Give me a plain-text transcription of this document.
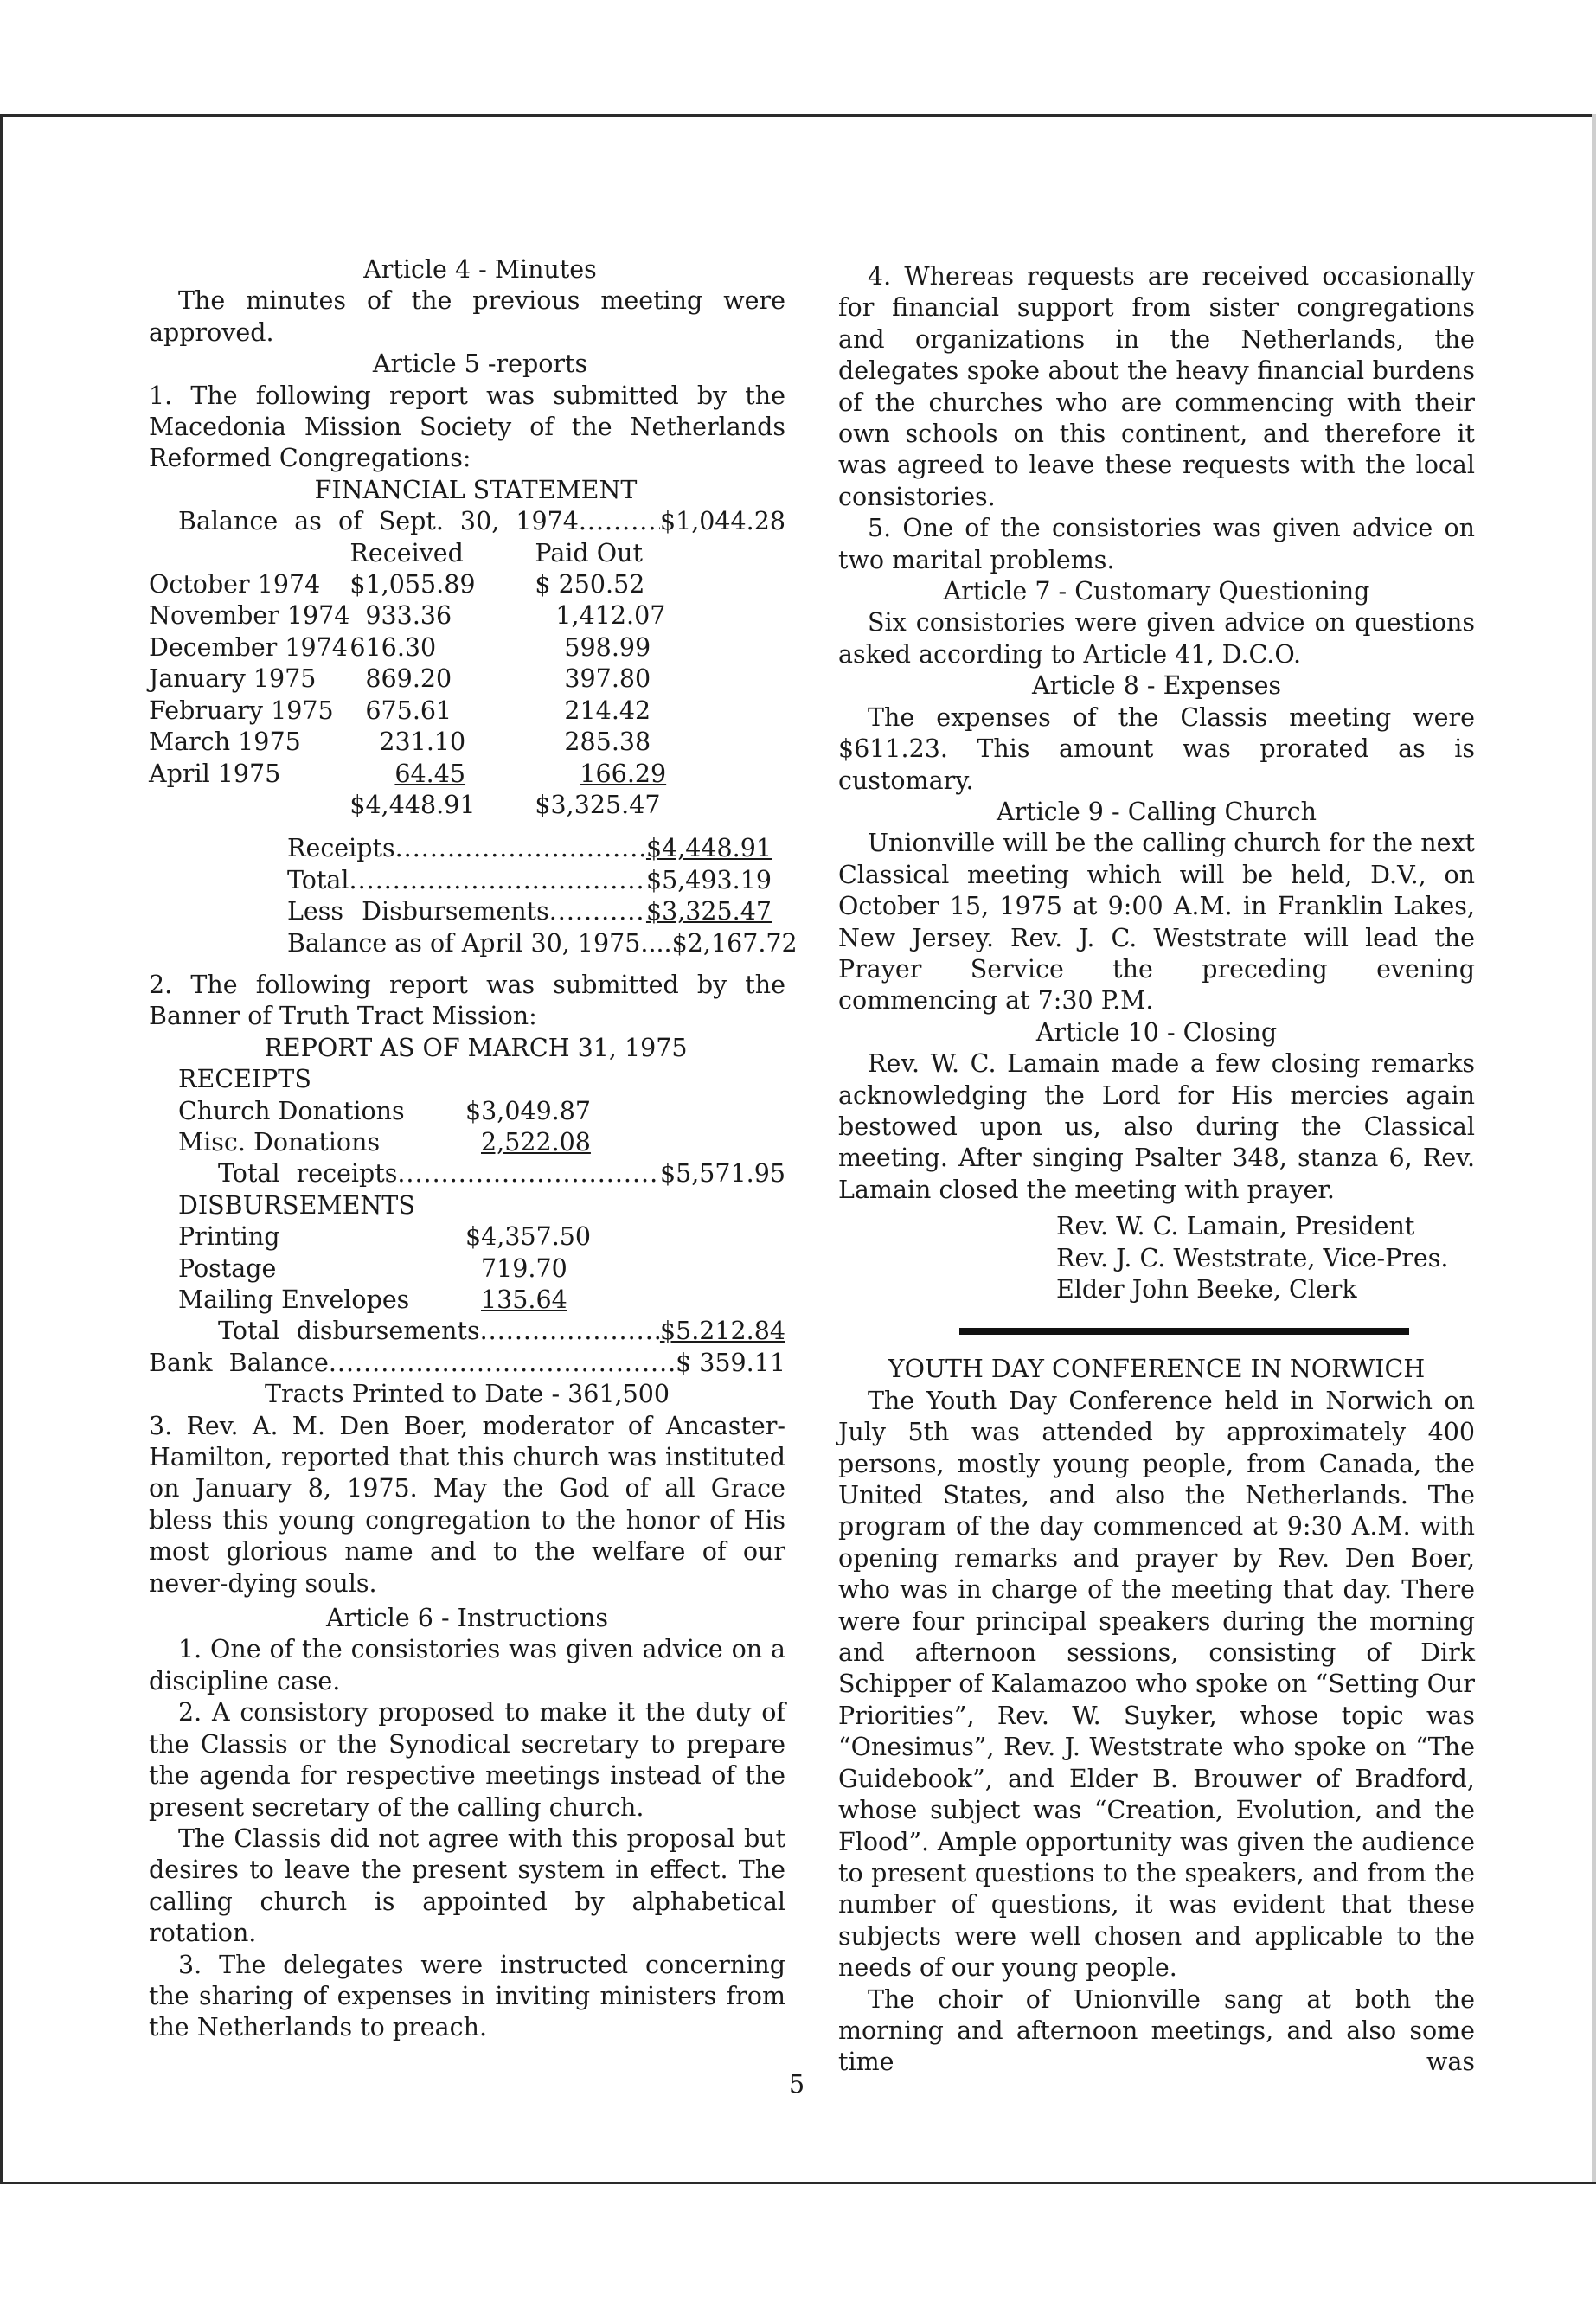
Article 4 - Minutes

The minutes of the previous meeting were approved.

Article 5 -reports

1. The following report was submitted by the Macedonia Mission Society of the Netherlands Reformed Congregations:

FINANCIAL STATEMENT
Balance as of Sept. 30, 1974 .....	$1,044.28
	Received	Paid Out
October 1974	$1,055.89	$ 250.52
November 1974	933.36	1,412.07
December 1974	616.30	598.99
January 1975	869.20	397.80
February 1975	675.61	214.42
March 1975	231.10	285.38
April 1975	64.45	166.29
	$4,448.91	$3,325.47
Receipts .....	$4,448.91
Total .....	$5,493.19
Less Disbursements .....	$3,325.47
Balance as of April 30, 1975.... $2,167.72

2. The following report was submitted by the Banner of Truth Tract Mission:

REPORT AS OF MARCH 31, 1975
RECEIPTS
Church Donations	$3,049.87
Misc. Donations	2,522.08
Total receipts .....	$5,571.95
DISBURSEMENTS
Printing	$4,357.50
Postage	719.70
Mailing Envelopes	135.64
Total disbursements .....	$5.212.84
Bank Balance .....	$ 359.11
Tracts Printed to Date - 361,500

3. Rev. A. M. Den Boer, moderator of Ancaster-Hamilton, reported that this church was instituted on January 8, 1975. May the God of all Grace bless this young congregation to the honor of His most glorious name and to the welfare of our never-dying souls.

Article 6 - Instructions

1. One of the consistories was given advice on a discipline case.

2. A consistory proposed to make it the duty of the Classis or the Synodical secretary to prepare the agenda for respective meetings instead of the present secretary of the calling church.

The Classis did not agree with this proposal but desires to leave the present system in effect. The calling church is appointed by alphabetical rotation.

3. The delegates were instructed concerning the sharing of expenses in inviting ministers from the Netherlands to preach.

4. Whereas requests are received occasionally for financial support from sister congregations and organizations in the Netherlands, the delegates spoke about the heavy financial burdens of the churches who are commencing with their own schools on this continent, and therefore it was agreed to leave these requests with the local consistories.

5. One of the consistories was given advice on two marital problems.

Article 7 - Customary Questioning

Six consistories were given advice on questions asked according to Article 41, D.C.O.

Article 8 - Expenses

The expenses of the Classis meeting were $611.23. This amount was prorated as is customary.

Article 9 - Calling Church

Unionville will be the calling church for the next Classical meeting which will be held, D.V., on October 15, 1975 at 9:00 A.M. in Franklin Lakes, New Jersey. Rev. J. C. Weststrate will lead the Prayer Service the preceding evening commencing at 7:30 P.M.

Article 10 - Closing

Rev. W. C. Lamain made a few closing remarks acknowledging the Lord for His mercies again bestowed upon us, also during the Classical meeting. After singing Psalter 348, stanza 6, Rev. Lamain closed the meeting with prayer.

Rev. W. C. Lamain, President
Rev. J. C. Weststrate, Vice-Pres.
Elder John Beeke, Clerk
YOUTH DAY CONFERENCE IN NORWICH

The Youth Day Conference held in Norwich on July 5th was attended by approximately 400 persons, mostly young people, from Canada, the United States, and also the Netherlands. The program of the day commenced at 9:30 A.M. with opening remarks and prayer by Rev. Den Boer, who was in charge of the meeting that day. There were four principal speakers during the morning and afternoon sessions, consisting of Dirk Schipper of Kalamazoo who spoke on “Setting Our Priorities”, Rev. W. Suyker, whose topic was “Onesimus”, Rev. J. Weststrate who spoke on “The Guidebook”, and Elder B. Brouwer of Bradford, whose subject was “Creation, Evolution, and the Flood”. Ample opportunity was given the audience to present questions to the speakers, and from the number of questions, it was evident that these subjects were well chosen and applicable to the needs of our young people.

The choir of Unionville sang at both the morning and afternoon meetings, and also some time was

5
